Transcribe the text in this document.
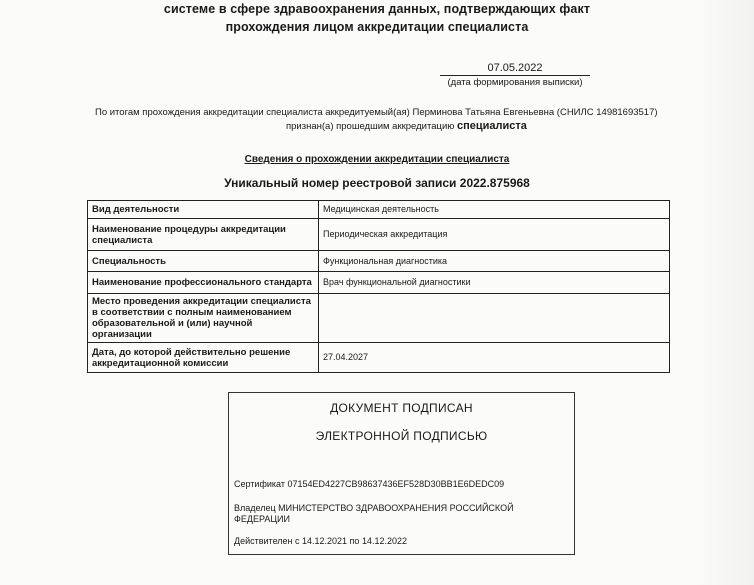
системе в сфере здравоохранения данных, подтверждающих факт
прохождения лицом аккредитации специалиста
07.05.2022
(дата формирования выписки)
По итогам прохождения аккредитации специалиста аккредитуемый(ая) Перминова Татьяна Евгеньевна (СНИЛС 14981693517)
признан(а) прошедшим аккредитацию специалиста
Сведения о прохождении аккредитации специалиста
Уникальный номер реестровой записи 2022.875968
Вид деятельности	Медицинская деятельность
Наименование процедуры аккредитации специалиста	Периодическая аккредитация
Специальность	Функциональная диагностика
Наименование профессионального стандарта	Врач функциональной диагностики
Место проведения аккредитации специалиста в соответствии с полным наименованием образовательной и (или) научной организации	
Дата, до которой действительно решение аккредитационной комиссии	27.04.2027
ДОКУМЕНТ ПОДПИСАН
ЭЛЕКТРОННОЙ ПОДПИСЬЮ
Сертификат 07154ED4227CB98637436EF528D30BB1E6DEDC09
Владелец МИНИСТЕРСТВО ЗДРАВООХРАНЕНИЯ РОССИЙСКОЙ
ФЕДЕРАЦИИ
Действителен с 14.12.2021 по 14.12.2022
